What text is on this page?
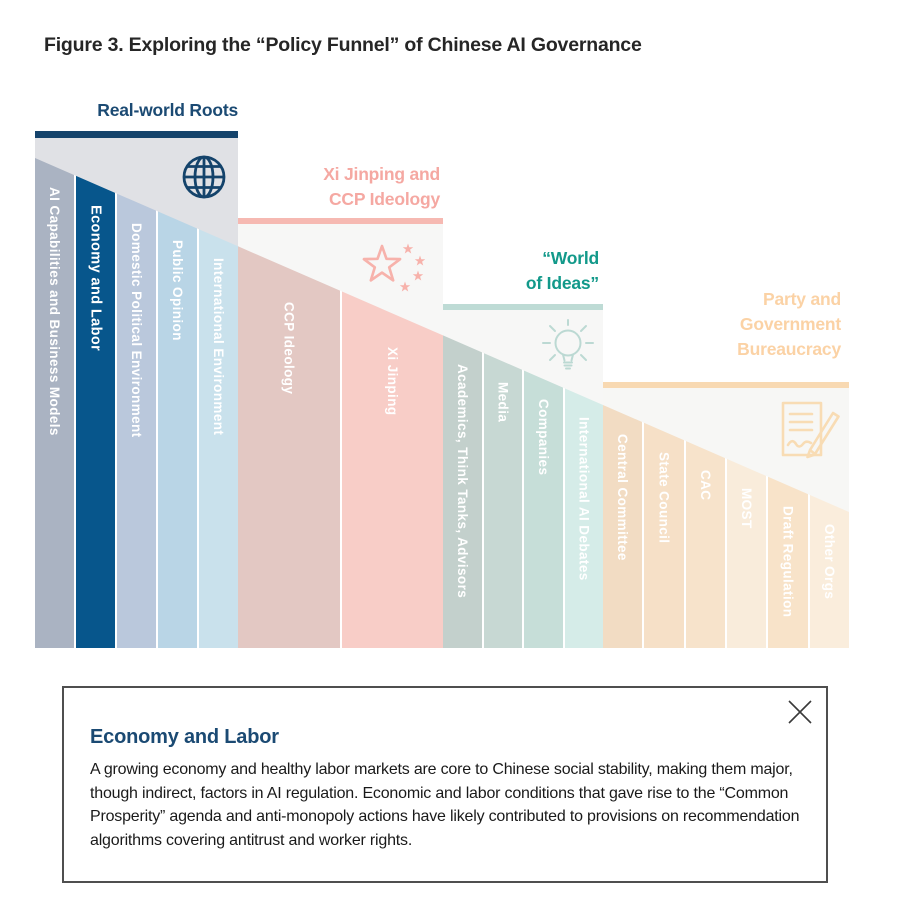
Figure 3. Exploring the “Policy Funnel” of Chinese AI Governance
AI Capabilities and Business Models Economy and Labor Domestic Political Environment Public Opinion International Environment
Real-world Roots
CCP Ideology	Xi Jinping
Xi Jinping and
CCP Ideology
Academics, Think Tanks, Advisors Media Companies International AI Debates
“World
of Ideas”
Central Committee State Council CAC
MOST Draft Regulation Other Orgs
Party and
Government
Bureaucracy
Economy and Labor

A growing economy and healthy labor markets are core to Chinese social stability, making them major, though indirect, factors in AI regulation. Economic and labor conditions that gave rise to the “Common Prosperity” agenda and anti-monopoly actions have likely contributed to provisions on recommendation algorithms covering antitrust and worker rights.
